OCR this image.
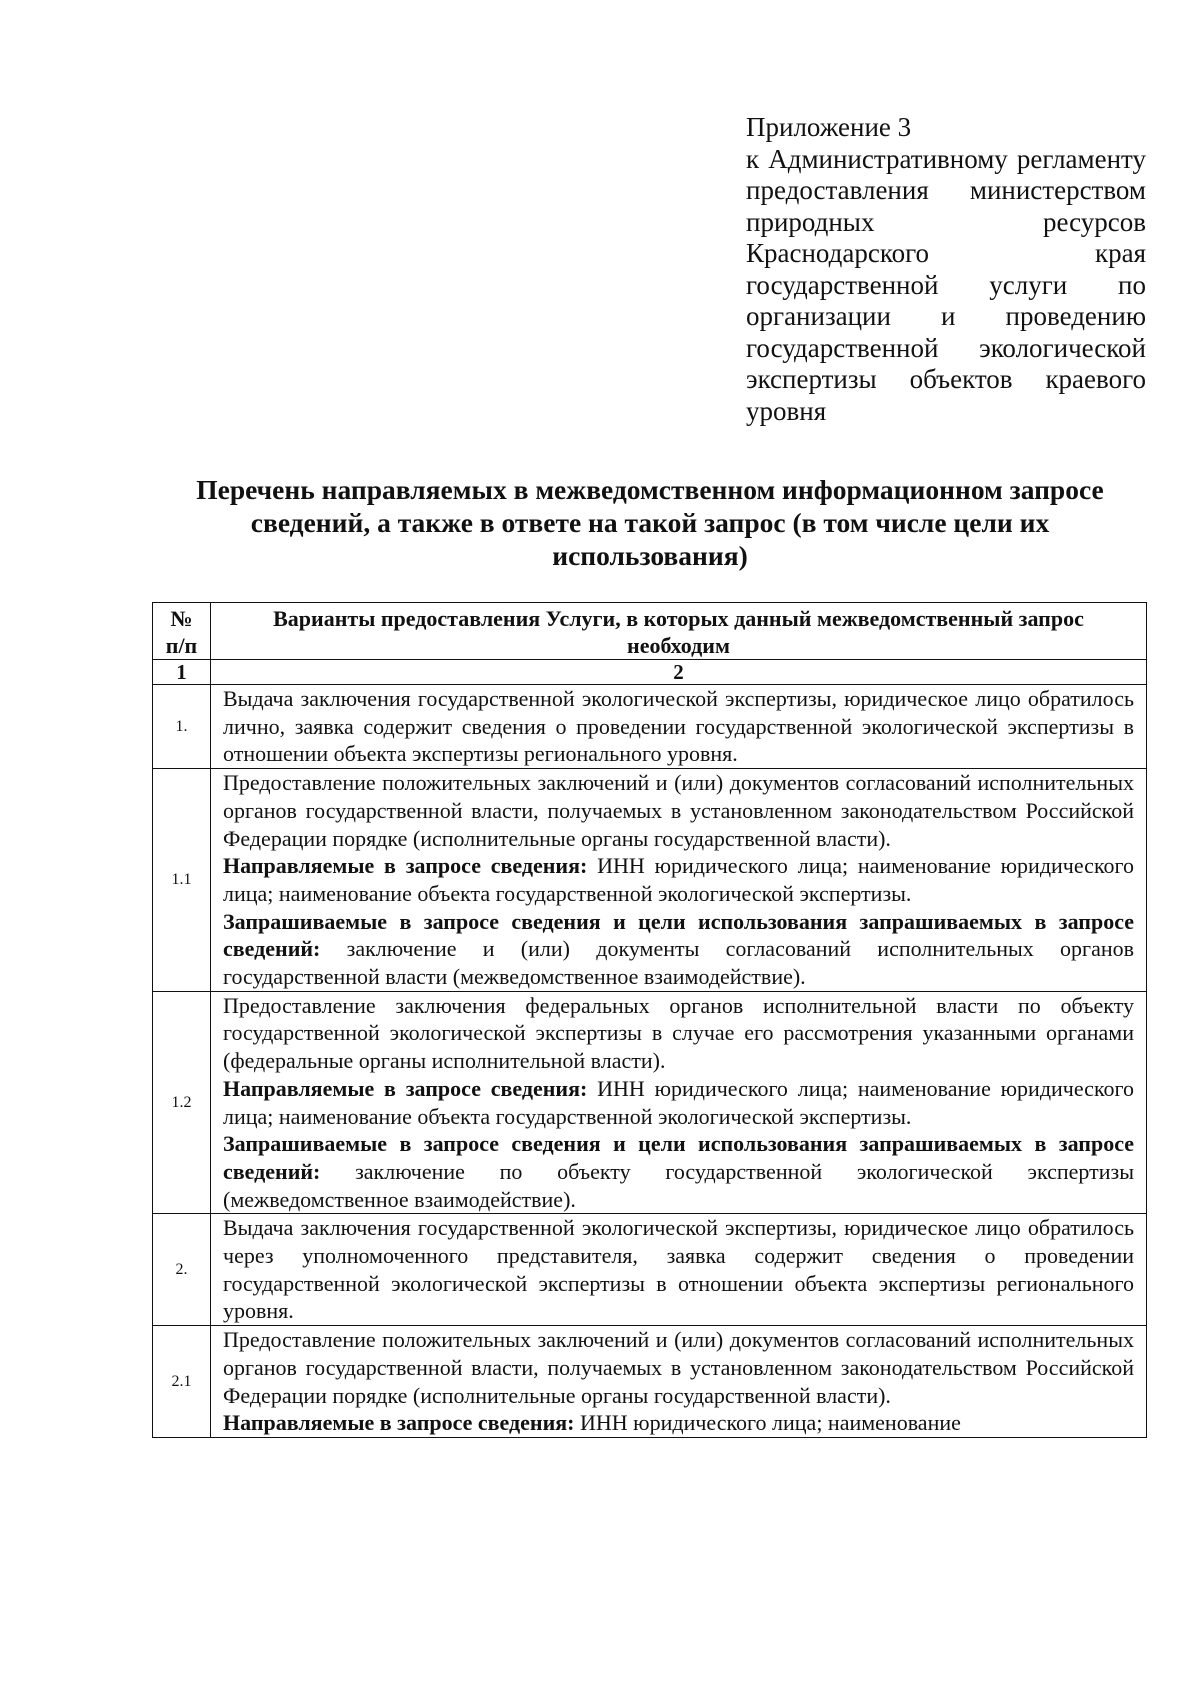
Приложение 3
к Административному регламенту предоставления министерством природных ресурсов Краснодарского края государственной услуги по организации и проведению государственной экологической экспертизы объектов краевого уровня
Перечень направляемых в межведомственном информационном запросе сведений, а также в ответе на такой запрос (в том числе цели их использования)
№ п/п	Варианты предоставления Услуги, в которых данный межведомственный запрос необходим
1	2
1.	Выдача заключения государственной экологической экспертизы, юридическое лицо обратилось лично, заявка содержит сведения о проведении государственной экологической экспертизы в отношении объекта экспертизы регионального уровня.

1.1	Предоставление положительных заключений и (или) документов согласований исполнительных органов государственной власти, получаемых в установленном законодательством Российской Федерации порядке (исполнительные органы государственной власти).

Направляемые в запросе сведения: ИНН юридического лица; наименование юридического лица; наименование объекта государственной экологической экспертизы.

Запрашиваемые в запросе сведения и цели использования запрашиваемых в запросе сведений: заключение и (или) документы согласований исполнительных органов государственной власти (межведомственное взаимодействие).

1.2	Предоставление заключения федеральных органов исполнительной власти по объекту государственной экологической экспертизы в случае его рассмотрения указанными органами (федеральные органы исполнительной власти).

Направляемые в запросе сведения: ИНН юридического лица; наименование юридического лица; наименование объекта государственной экологической экспертизы.

Запрашиваемые в запросе сведения и цели использования запрашиваемых в запросе сведений: заключение по объекту государственной экологической экспертизы (межведомственное взаимодействие).

2.	Выдача заключения государственной экологической экспертизы, юридическое лицо обратилось через уполномоченного представителя, заявка содержит сведения о проведении государственной экологической экспертизы в отношении объекта экспертизы регионального уровня.

2.1	Предоставление положительных заключений и (или) документов согласований исполнительных органов государственной власти, получаемых в установленном законодательством Российской Федерации порядке (исполнительные органы государственной власти).

Направляемые в запросе сведения: ИНН юридического лица; наименование
